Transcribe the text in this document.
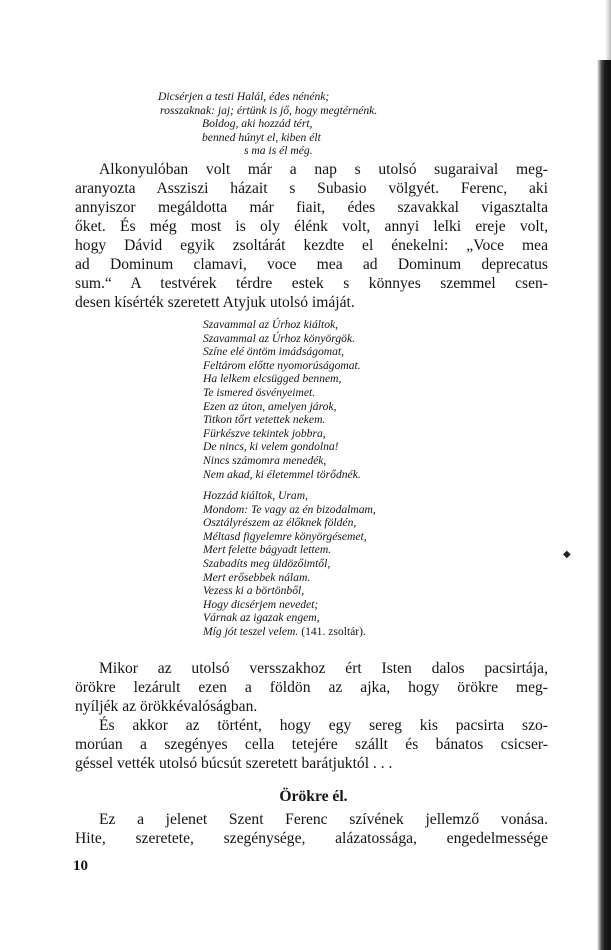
◆
Dicsérjen a testi Halál, édes nénénk;
rosszaknak: jaj; értünk is jő, hogy megtérnénk.
Boldog, aki hozzád tért,
benned húnyt el, kiben élt
s ma is él még.
Alkonyulóban volt már a nap s utolsó sugaraival meg-
aranyozta Assziszi házait s Subasio völgyét. Ferenc, aki
annyiszor megáldotta már fiait, édes szavakkal vigasztalta
őket. És még most is oly élénk volt, annyi lelki ereje volt,
hogy Dávid egyik zsoltárát kezdte el énekelni: „Voce mea
ad Dominum clamavi, voce mea ad Dominum deprecatus
sum.“ A testvérek térdre estek s könnyes szemmel csen-
desen kísérték szeretett Atyjuk utolsó imáját.
Szavammal az Úrhoz kiáltok,
Szavammal az Úrhoz könyörgök.
Színe elé öntöm imádságomat,
Feltárom előtte nyomorúságomat.
Ha lelkem elcsügged bennem,
Te ismered ösvényeimet.
Ezen az úton, amelyen járok,
Titkon tőrt vetettek nekem.
Fürkészve tekintek jobbra,
De nincs, ki velem gondolna!
Nincs számomra menedék,
Nem akad, ki életemmel törődnék.
Hozzád kiáltok, Uram,
Mondom: Te vagy az én bizodalmam,
Osztályrészem az élőknek földén,
Méltasd figyelemre könyörgésemet,
Mert felette bágyadt lettem.
Szabadíts meg üldözőimtől,
Mert erősebbek nálam.
Vezess ki a börtönből,
Hogy dicsérjem nevedet;
Várnak az igazak engem,
Míg jót teszel velem. (141. zsoltár).
Mikor az utolsó versszakhoz ért Isten dalos pacsirtája,
örökre lezárult ezen a földön az ajka, hogy örökre meg-
nyíljék az örökkévalóságban.
És akkor az történt, hogy egy sereg kis pacsirta szo-
morúan a szegényes cella tetejére szállt és bánatos csicser-
géssel vették utolsó búcsút szeretett barátjuktól . . .
Örökre él.
Ez a jelenet Szent Ferenc szívének jellemző vonása.
Hite, szeretete, szegénysége, alázatossága, engedelmessége
10
